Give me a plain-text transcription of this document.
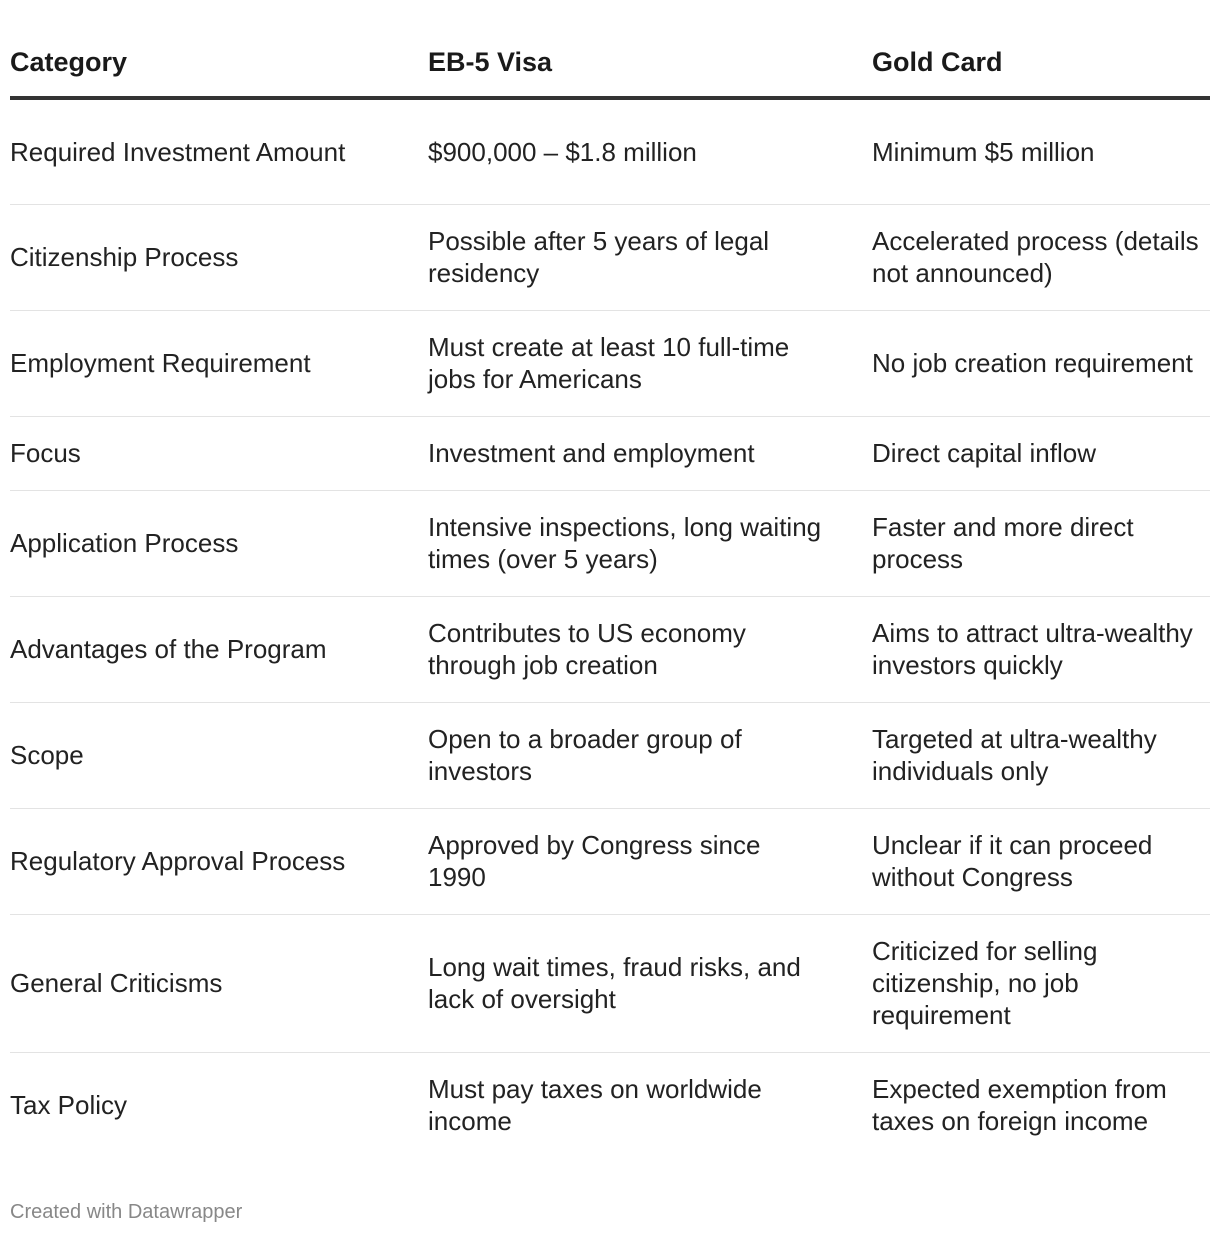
Category	EB-5 Visa	Gold Card
Required Investment Amount	$900,000 – $1.8 million	Minimum $5 million
Citizenship Process	Possible after 5 years of legal residency	Accelerated process (details not announced)
Employment Requirement	Must create at least 10 full-time jobs for Americans	No job creation requirement
Focus	Investment and employment	Direct capital inflow
Application Process	Intensive inspections, long waiting times (over 5 years)	Faster and more direct process
Advantages of the Program	Contributes to US economy through job creation	Aims to attract ultra-wealthy investors quickly
Scope	Open to a broader group of investors	Targeted at ultra-wealthy individuals only
Regulatory Approval Process	Approved by Congress since 1990	Unclear if it can proceed without Congress
General Criticisms	Long wait times, fraud risks, and lack of oversight	Criticized for selling citizenship, no job requirement
Tax Policy	Must pay taxes on worldwide income	Expected exemption from taxes on foreign income
Created with Datawrapper
